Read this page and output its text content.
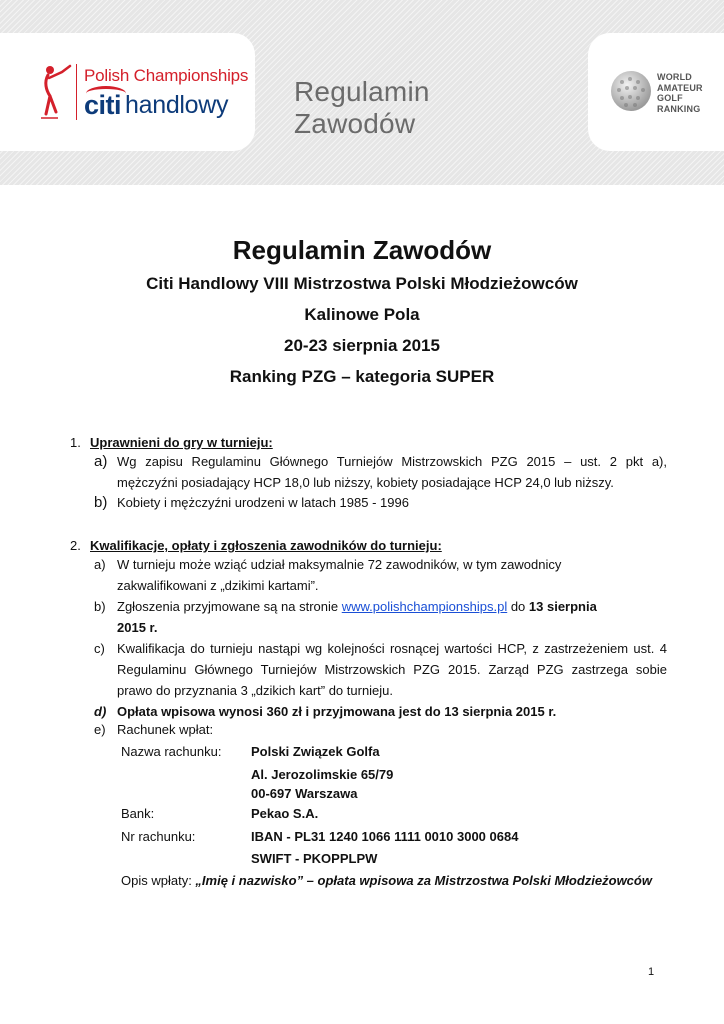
Polish Championships
citi handlowy Regulamin Zawodów
WORLD
AMATEUR
GOLF
RANKING
Regulamin Zawodów
Citi Handlowy VIII Mistrzostwa Polski Młodzieżowców
Kalinowe Pola
20-23 sierpnia 2015
Ranking PZG – kategoria SUPER
1. Uprawnieni do gry w turnieju:
a) Wg zapisu Regulaminu Głównego Turniejów Mistrzowskich PZG 2015 – ust. 2 pkt a),
mężczyźni posiadający HCP 18,0 lub niższy, kobiety posiadające HCP 24,0 lub niższy.
b) Kobiety i mężczyźni urodzeni w latach 1985 - 1996
2. Kwalifikacje, opłaty i zgłoszenia zawodników do turnieju:
a) W turnieju może wziąć udział maksymalnie 72 zawodników, w tym zawodnicy
zakwalifikowani z „dzikimi kartami”.
b) Zgłoszenia przyjmowane są na stronie www.polishchampionships.pl do 13 sierpnia
2015 r.
c) Kwalifikacja do turnieju nastąpi wg kolejności rosnącej wartości HCP, z zastrzeżeniem ust. 4
Regulaminu Głównego Turniejów Mistrzowskich PZG 2015. Zarząd PZG zastrzega sobie
prawo do przyznania 3 „dzikich kart” do turnieju.
d) Opłata wpisowa wynosi 360 zł i przyjmowana jest do 13 sierpnia 2015 r.
e) Rachunek wpłat:
Nazwa rachunku: Polski Związek Golfa
Al. Jerozolimskie 65/79
00-697 Warszawa
Bank:	Pekao S.A.
Nr rachunku:	IBAN - PL31 1240 1066 1111 0010 3000 0684
SWIFT - PKOPPLPW
Opis wpłaty: „Imię i nazwisko” – opłata wpisowa za Mistrzostwa Polski Młodzieżowców
1
